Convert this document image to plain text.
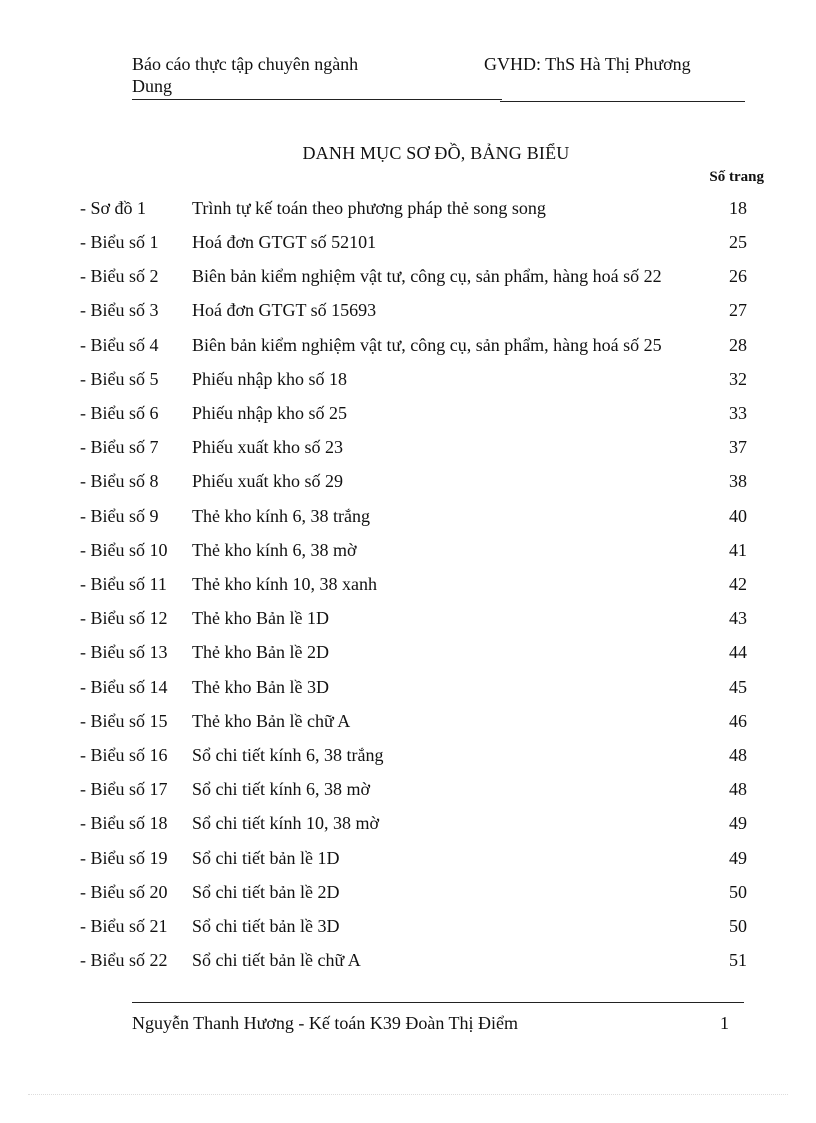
Báo cáo thực tập chuyên ngành
Dung
GVHD: ThS Hà Thị Phương
DANH MỤC SƠ ĐỒ, BẢNG BIỂU
Số trang
- Sơ đồ 1	Trình tự kế toán theo phương pháp thẻ song song	18
- Biểu số 1 Hoá đơn GTGT số 52101	25
- Biểu số 2 Biên bản kiểm nghiệm vật tư, công cụ, sản phẩm, hàng hoá số 22	26
- Biểu số 3 Hoá đơn GTGT số 15693	27
- Biểu số 4 Biên bản kiểm nghiệm vật tư, công cụ, sản phẩm, hàng hoá số 25	28
- Biểu số 5 Phiếu nhập kho số 18	32
- Biểu số 6 Phiếu nhập kho số 25	33
- Biểu số 7 Phiếu xuất kho số 23	37
- Biểu số 8 Phiếu xuất kho số 29	38
- Biểu số 9 Thẻ kho kính 6, 38 trắng	40
- Biểu số 10 Thẻ kho kính 6, 38 mờ	41
- Biểu số 11 Thẻ kho kính 10, 38 xanh	42
- Biểu số 12 Thẻ kho Bản lề 1D	43
- Biểu số 13 Thẻ kho Bản lề 2D	44
- Biểu số 14 Thẻ kho Bản lề 3D	45
- Biểu số 15 Thẻ kho Bản lề chữ A	46
- Biểu số 16 Sổ chi tiết kính 6, 38 trắng	48
- Biểu số 17 Sổ chi tiết kính 6, 38 mờ	48
- Biểu số 18 Sổ chi tiết kính 10, 38 mờ	49
- Biểu số 19 Sổ chi tiết bản lề 1D	49
- Biểu số 20 Sổ chi tiết bản lề 2D	50
- Biểu số 21 Sổ chi tiết bản lề 3D	50
- Biểu số 22 Sổ chi tiết bản lề chữ A	51
Nguyễn Thanh Hương - Kế toán K39 Đoàn Thị Điểm	1
